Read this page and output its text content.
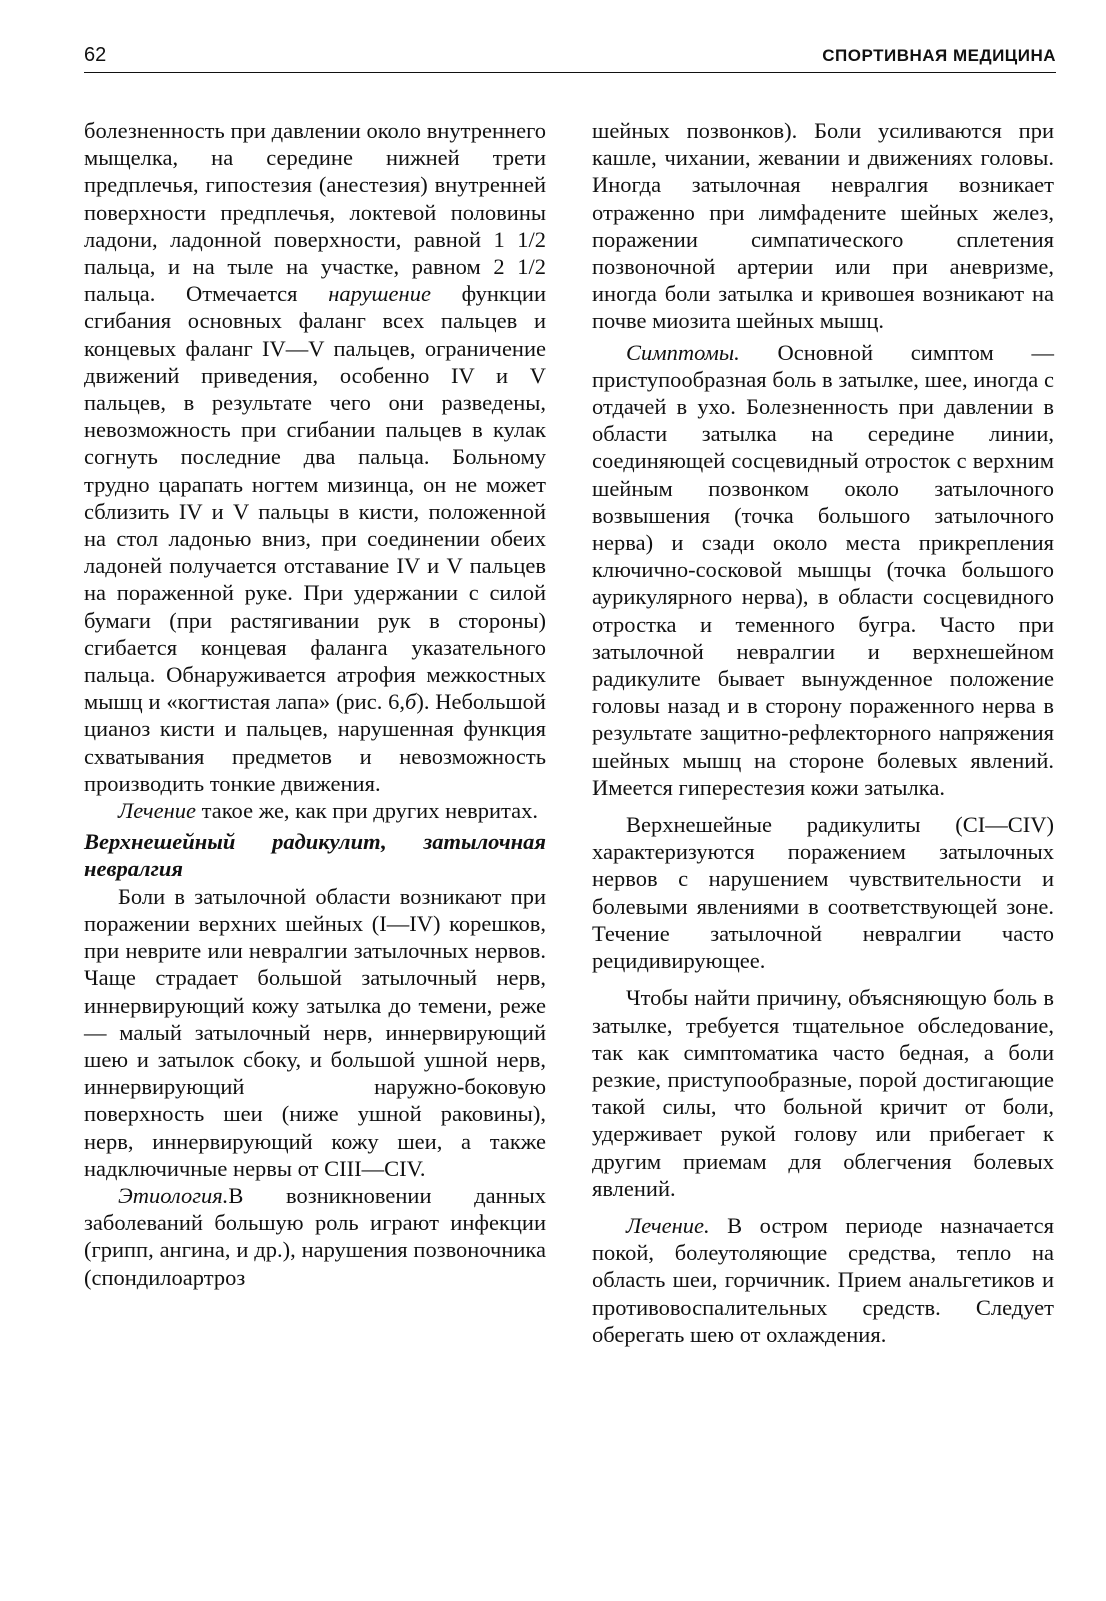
62	СПОРТИВНАЯ МЕДИЦИНА

болезненность при давлении около внутреннего мыщелка, на середине нижней трети предплечья, гипостезия (анестезия) внутренней поверхности предплечья, локтевой половины ладони, ладонной поверхности, равной 1 1/2 пальца, и на тыле на участке, равном 2 1/2 пальца. Отмечается нарушение функции сгибания основных фаланг всех пальцев и концевых фаланг IV—V пальцев, ограничение движений приведения, особенно IV и V пальцев, в результате чего они разведены, невозможность при сгибании пальцев в кулак согнуть последние два пальца. Больному трудно царапать ногтем мизинца, он не может сблизить IV и V пальцы в кисти, положенной на стол ладонью вниз, при соединении обеих ладоней получается отставание IV и V пальцев на пораженной руке. При удержании с силой бумаги (при растягивании рук в стороны) сгибается концевая фаланга указательного пальца. Обнаруживается атрофия межкостных мышц и «когтистая лапа» (рис. 6,б). Небольшой цианоз кисти и пальцев, нарушенная функция схватывания предметов и невозможность производить тонкие движения.

Лечение такое же, как при других невритах.

Верхнешейный радикулит, затылочная невралгия

Боли в затылочной области возникают при поражении верхних шейных (I—IV) корешков, при неврите или невралгии затылочных нервов. Чаще страдает большой затылочный нерв, иннервирующий кожу затылка до темени, реже — малый затылочный нерв, иннервирующий шею и затылок сбоку, и большой ушной нерв, иннервирующий наружно-боковую поверхность шеи (ниже ушной раковины), нерв, иннервирующий кожу шеи, а также надключичные нервы от CIII—CIV.

Этиология.В возникновении данных заболеваний большую роль играют инфекции (грипп, ангина, и др.), нарушения позвоночника (спондилоартроз

шейных позвонков). Боли усиливаются при кашле, чихании, жевании и движениях головы. Иногда затылочная невралгия возникает отраженно при лимфадените шейных желез, поражении симпатического сплетения позвоночной артерии или при аневризме, иногда боли затылка и кривошея возникают на почве миозита шейных мышц.

Симптомы. Основной симптом — приступообразная боль в затылке, шее, иногда с отдачей в ухо. Болезненность при давлении в области затылка на середине линии, соединяющей сосцевидный отросток с верхним шейным позвонком около затылочного возвышения (точка большого затылочного нерва) и сзади около места прикрепления ключично-сосковой мышцы (точка большого аурикулярного нерва), в области сосцевидного отростка и теменного бугра. Часто при затылочной невралгии и верхнешейном радикулите бывает вынужденное положение головы назад и в сторону пораженного нерва в результате защитно-рефлекторного напряжения шейных мышц на стороне болевых явлений. Имеется гиперестезия кожи затылка.

Верхнешейные радикулиты (CI—CIV) характеризуются поражением затылочных нервов с нарушением чувствительности и болевыми явлениями в соответствующей зоне. Течение затылочной невралгии часто рецидивирующее.

Чтобы найти причину, объясняющую боль в затылке, требуется тщательное обследование, так как симптоматика часто бедная, а боли резкие, приступообразные, порой достигающие такой силы, что больной кричит от боли, удерживает рукой голову или прибегает к другим приемам для облегчения болевых явлений.

Лечение. В остром периоде назначается покой, болеутоляющие средства, тепло на область шеи, горчичник. Прием анальгетиков и противовоспалительных средств. Следует оберегать шею от охлаждения.
